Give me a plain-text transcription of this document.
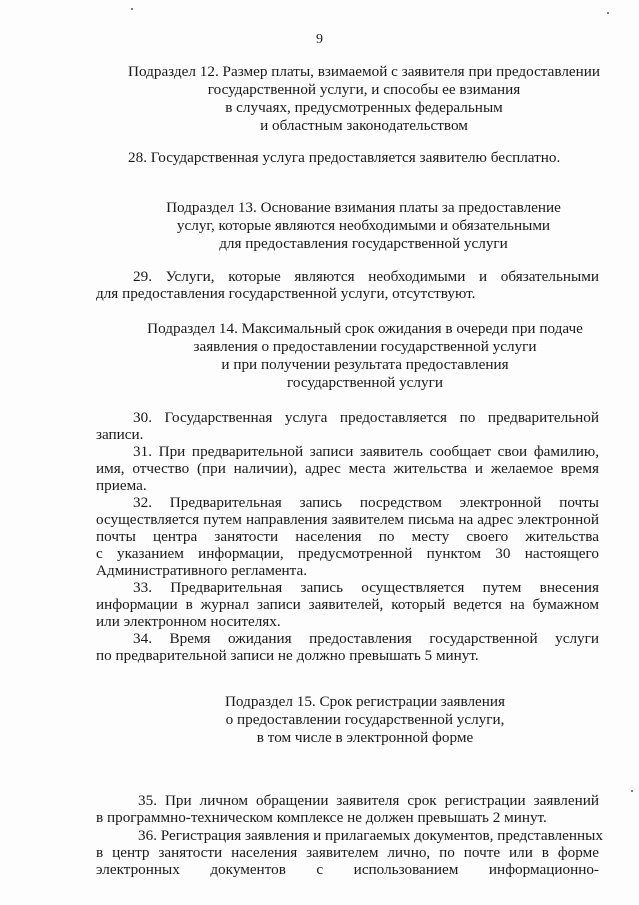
9
Подраздел 12. Размер платы, взимаемой с заявителя при предоставлении
государственной услуги, и способы ее взимания
в случаях, предусмотренных федеральным
и областным законодательством
28. Государственная услуга предоставляется заявителю бесплатно.
Подраздел 13. Основание взимания платы за предоставление
услуг, которые являются необходимыми и обязательными
для предоставления государственной услуги
29. Услуги, которые являются необходимыми и обязательными
для предоставления государственной услуги, отсутствуют.
Подраздел 14. Максимальный срок ожидания в очереди при подаче
заявления о предоставлении государственной услуги
и при получении результата предоставления
государственной услуги
30. Государственная услуга предоставляется по предварительной
записи.
31. При предварительной записи заявитель сообщает свои фамилию,
имя, отчество (при наличии), адрес места жительства и желаемое время
приема.
32. Предварительная запись посредством электронной почты
осуществляется путем направления заявителем письма на адрес электронной
почты центра занятости населения по месту своего жительства
с указанием информации, предусмотренной пунктом 30 настоящего
Административного регламента.
33. Предварительная запись осуществляется путем внесения
информации в журнал записи заявителей, который ведется на бумажном
или электронном носителях.
34. Время ожидания предоставления государственной услуги
по предварительной записи не должно превышать 5 минут.
Подраздел 15. Срок регистрации заявления
о предоставлении государственной услуги,
в том числе в электронной форме
35. При личном обращении заявителя срок регистрации заявлений
в программно-техническом комплексе не должен превышать 2 минут.
36. Регистрация заявления и прилагаемых документов, представленных
в центр занятости населения заявителем лично, по почте или в форме
электронных документов с использованием информационно-
